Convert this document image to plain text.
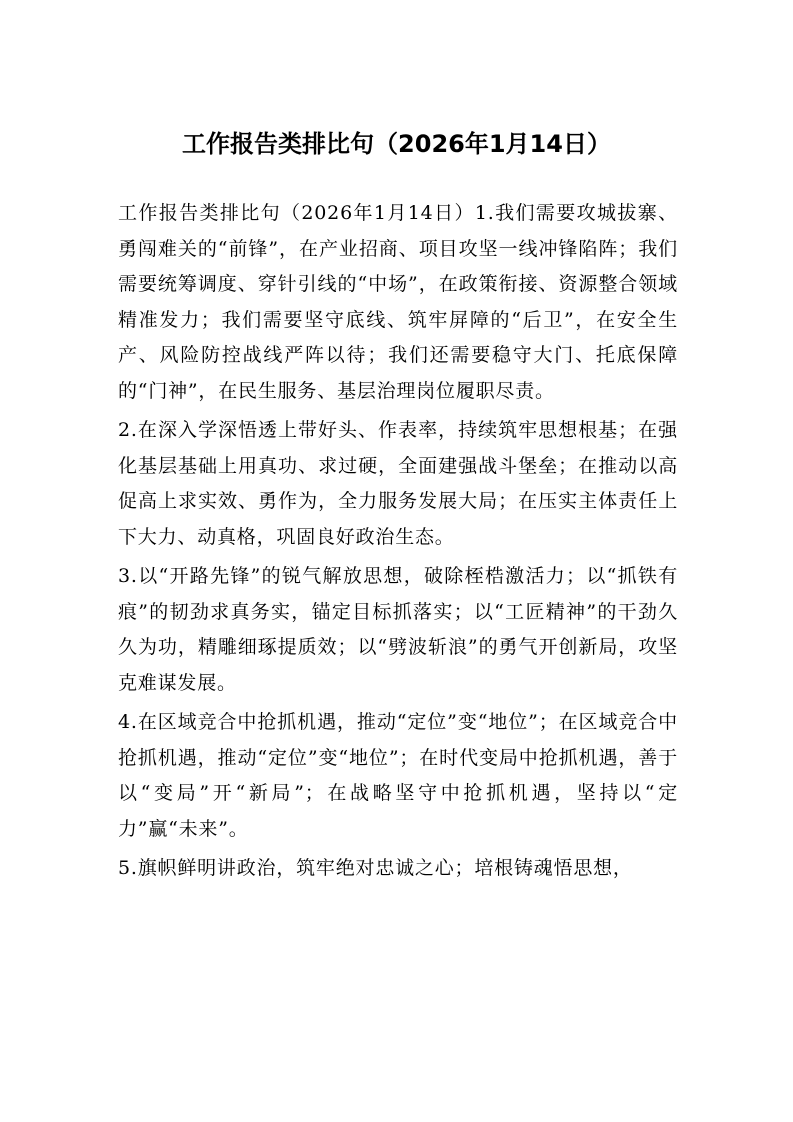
工作报告类排比句（2026年1月14日）

工作报告类排比句（2026年1月14日）1.我们需要攻城拔寨、勇闯难关的“前锋”，在产业招商、项目攻坚一线冲锋陷阵；我们需要统筹调度、穿针引线的“中场”，在政策衔接、资源整合领域精准发力；我们需要坚守底线、筑牢屏障的“后卫”，在安全生产、风险防控战线严阵以待；我们还需要稳守大门、托底保障的“门神”，在民生服务、基层治理岗位履职尽责。

2.在深入学深悟透上带好头、作表率，持续筑牢思想根基；在强化基层基础上用真功、求过硬，全面建强战斗堡垒；在推动以高促高上求实效、勇作为，全力服务发展大局；在压实主体责任上下大力、动真格，巩固良好政治生态。

3.以“开路先锋”的锐气解放思想，破除桎梏激活力；以“抓铁有痕”的韧劲求真务实，锚定目标抓落实；以“工匠精神”的干劲久久为功，精雕细琢提质效；以“劈波斩浪”的勇气开创新局，攻坚克难谋发展。

4.在区域竞合中抢抓机遇，推动“定位”变“地位”；在区域竞合中抢抓机遇，推动“定位”变“地位”；在时代变局中抢抓机遇，善于以“变局”开“新局”；在战略坚守中抢抓机遇，坚持以“定力”赢“未来”。

5.旗帜鲜明讲政治，筑牢绝对忠诚之心；培根铸魂悟思想，
